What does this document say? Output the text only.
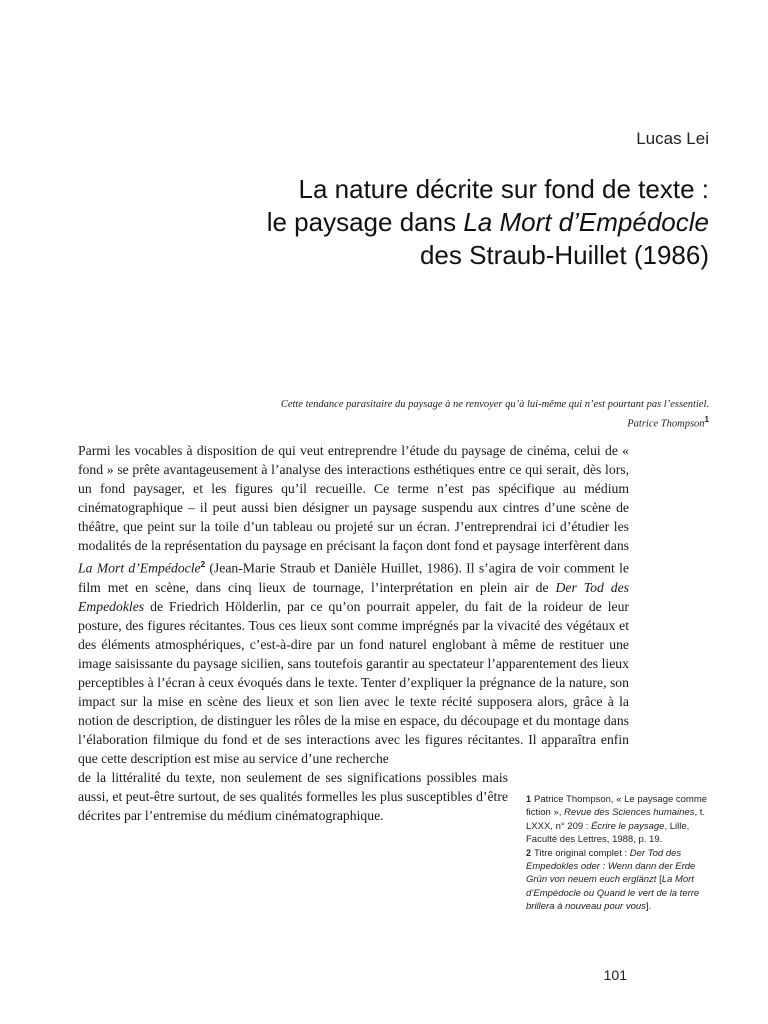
Lucas Lei
La nature décrite sur fond de texte :
le paysage dans La Mort d’Empédocle
des Straub-Huillet (1986)
Cette tendance parasitaire du paysage à ne renvoyer qu’à lui-même qui n’est pourtant pas l’essentiel.
Patrice Thompson$^1$
Parmi les vocables à disposition de qui veut entreprendre l’étude du paysage de cinéma, celui de « fond » se prête avantageusement à l’analyse des interactions esthétiques entre ce qui serait, dès lors, un fond paysager, et les figures qu’il recueille. Ce terme n’est pas spécifique au médium cinématographique – il peut aussi bien désigner un paysage suspendu aux cintres d’une scène de théâtre, que peint sur la toile d’un tableau ou projeté sur un écran. J’entreprendrai ici d’étudier les modalités de la représentation du paysage en précisant la façon dont fond et paysage interfèrent dans La Mort d’Empédocle$^2$ (Jean-Marie Straub et Danièle Huillet, 1986). Il s’agira de voir comment le film met en scène, dans cinq lieux de tournage, l’interprétation en plein air de Der Tod des Empedokles de Friedrich Hölderlin, par ce qu’on pourrait appeler, du fait de la roideur de leur posture, des figures récitantes. Tous ces lieux sont comme imprégnés par la vivacité des végétaux et des éléments atmosphériques, c’est-à-dire par un fond naturel englobant à même de restituer une image saisissante du paysage sicilien, sans toutefois garantir au spectateur l’apparentement des lieux perceptibles à l’écran à ceux évoqués dans le texte. Tenter d’expliquer la prégnance de la nature, son impact sur la mise en scène des lieux et son lien avec le texte récité supposera alors, grâce à la notion de description, de distinguer les rôles de la mise en espace, du découpage et du montage dans l’élaboration filmique du fond et de ses interactions avec les figures récitantes. Il apparaîtra enfin que cette description est mise au service d’une recherche
de la littéralité du texte, non seulement de ses significations possibles mais aussi, et peut-être surtout, de ses qualités formelles les plus susceptibles d’être décrites par l’entremise du médium cinématographique.

1 Patrice Thompson, « Le paysage comme fiction », Revue des Sciences humaines, t. LXXX, n° 209 : Écrire le paysage, Lille, Faculté des Lettres, 1988, p. 19.

2 Titre original complet : Der Tod des Empedokles oder : Wenn dann der Erde Grün von neuem euch erglänzt [La Mort d’Empédocle ou Quand le vert de la terre brillera à nouveau pour vous].

101
